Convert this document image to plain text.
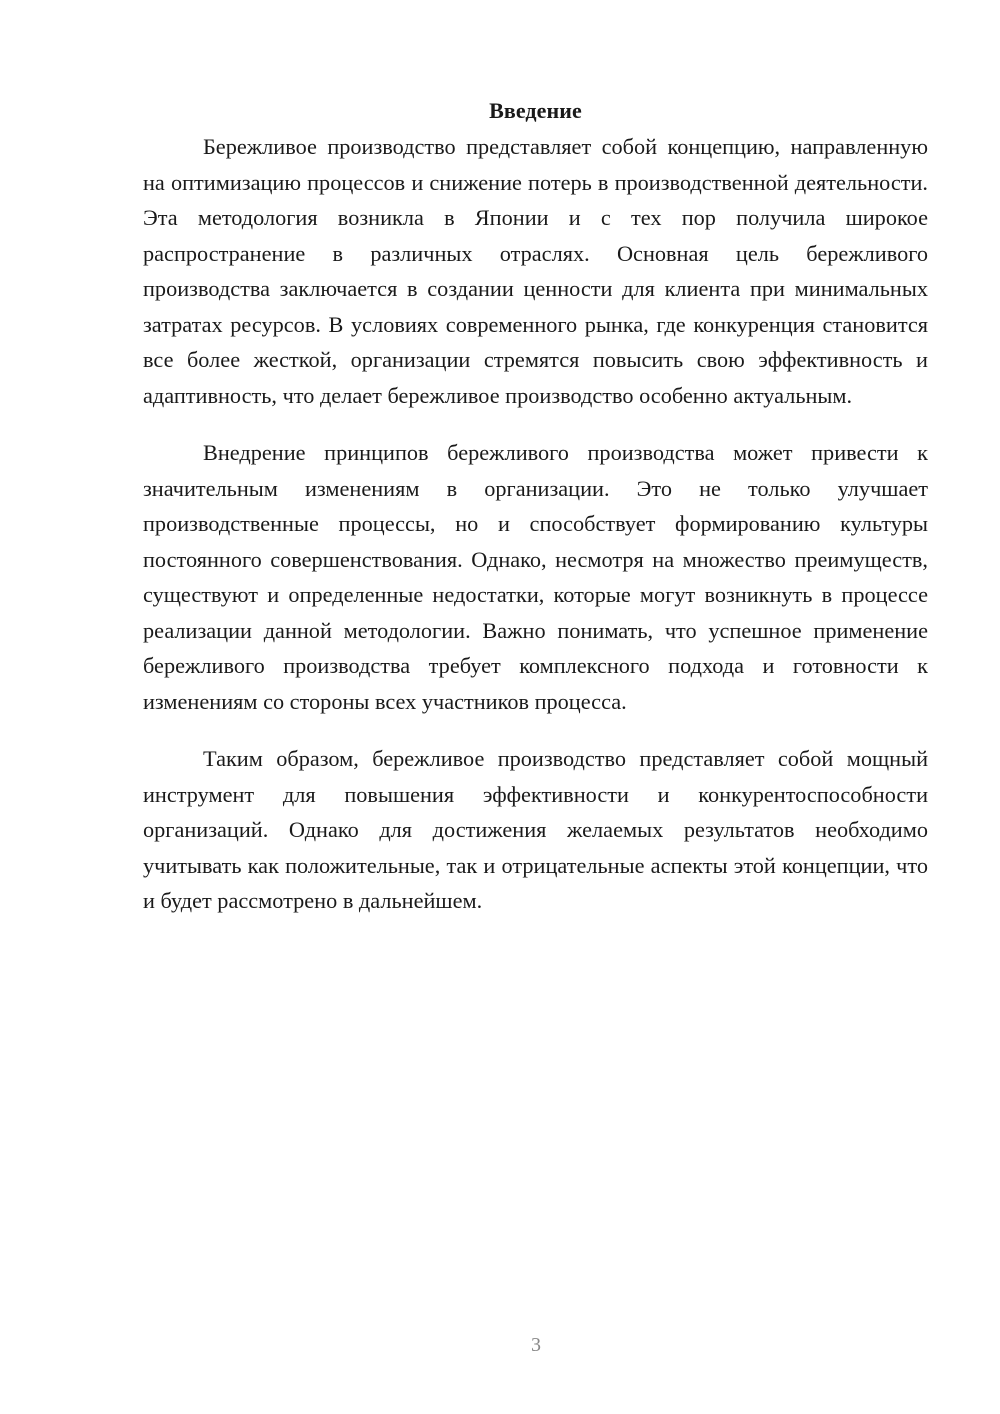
Введение

Бережливое производство представляет собой концепцию, направленную на оптимизацию процессов и снижение потерь в производственной деятельности. Эта методология возникла в Японии и с тех пор получила широкое распространение в различных отраслях. Основная цель бережливого производства заключается в создании ценности для клиента при минимальных затратах ресурсов. В условиях современного рынка, где конкуренция становится все более жесткой, организации стремятся повысить свою эффективность и адаптивность, что делает бережливое производство особенно актуальным.

Внедрение принципов бережливого производства может привести к значительным изменениям в организации. Это не только улучшает производственные процессы, но и способствует формированию культуры постоянного совершенствования. Однако, несмотря на множество преимуществ, существуют и определенные недостатки, которые могут возникнуть в процессе реализации данной методологии. Важно понимать, что успешное применение бережливого производства требует комплексного подхода и готовности к изменениям со стороны всех участников процесса.

Таким образом, бережливое производство представляет собой мощный инструмент для повышения эффективности и конкурентоспособности организаций. Однако для достижения желаемых результатов необходимо учитывать как положительные, так и отрицательные аспекты этой концепции, что и будет рассмотрено в дальнейшем.

3
